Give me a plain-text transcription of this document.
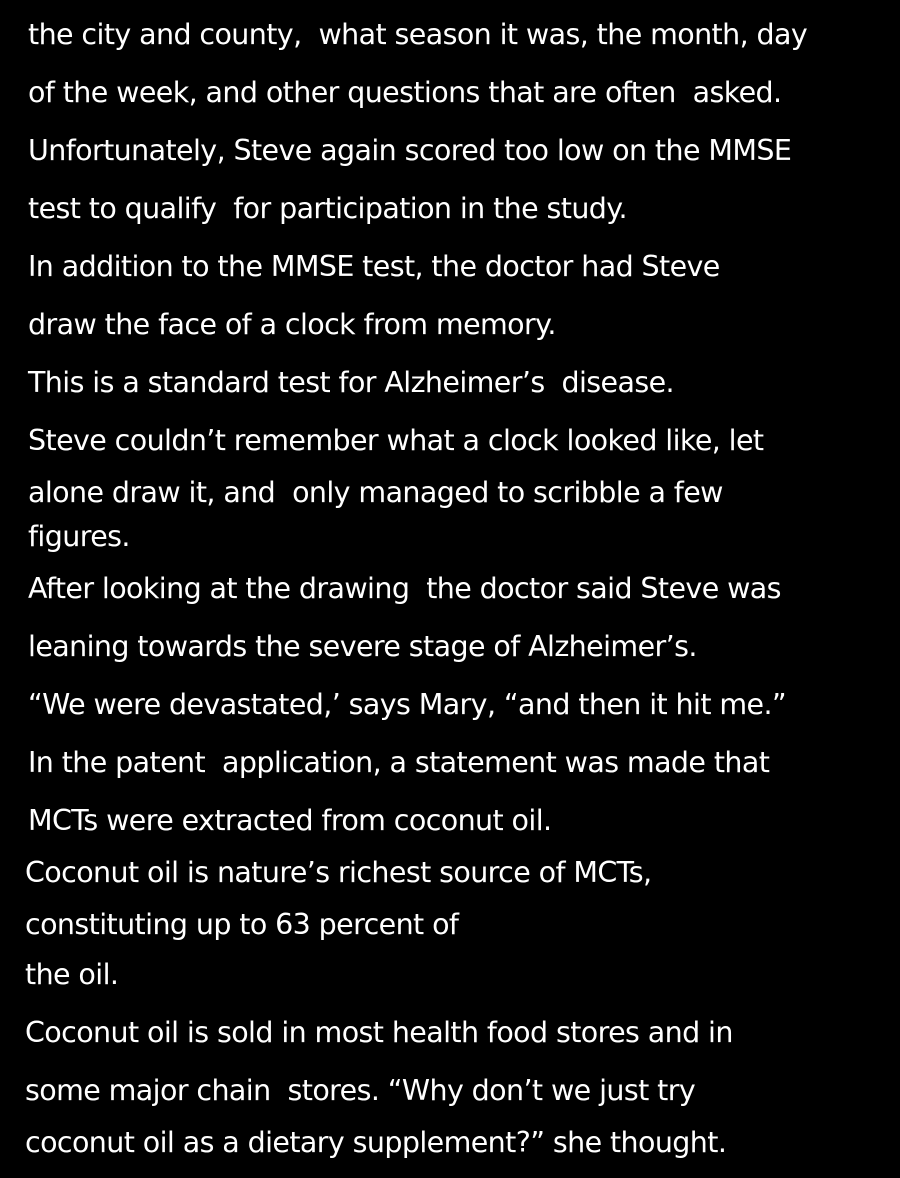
the city and county,  what season it was, the month, day
of the week, and other questions that are often  asked.
Unfortunately, Steve again scored too low on the MMSE
test to qualify  for participation in the study.
In addition to the MMSE test, the doctor had Steve
draw the face of a clock from memory.
This is a standard test for Alzheimer’s  disease.
Steve couldn’t remember what a clock looked like, let
alone draw it, and  only managed to scribble a few
figures.
After looking at the drawing  the doctor said Steve was
leaning towards the severe stage of Alzheimer’s.
“We were devastated,’ says Mary, “and then it hit me.”
In the patent  application, a statement was made that
MCTs were extracted from coconut oil.
Coconut oil is nature’s richest source of MCTs,
constituting up to 63 percent of
the oil.
Coconut oil is sold in most health food stores and in
some major chain  stores. “Why don’t we just try
coconut oil as a dietary supplement?” she thought.
